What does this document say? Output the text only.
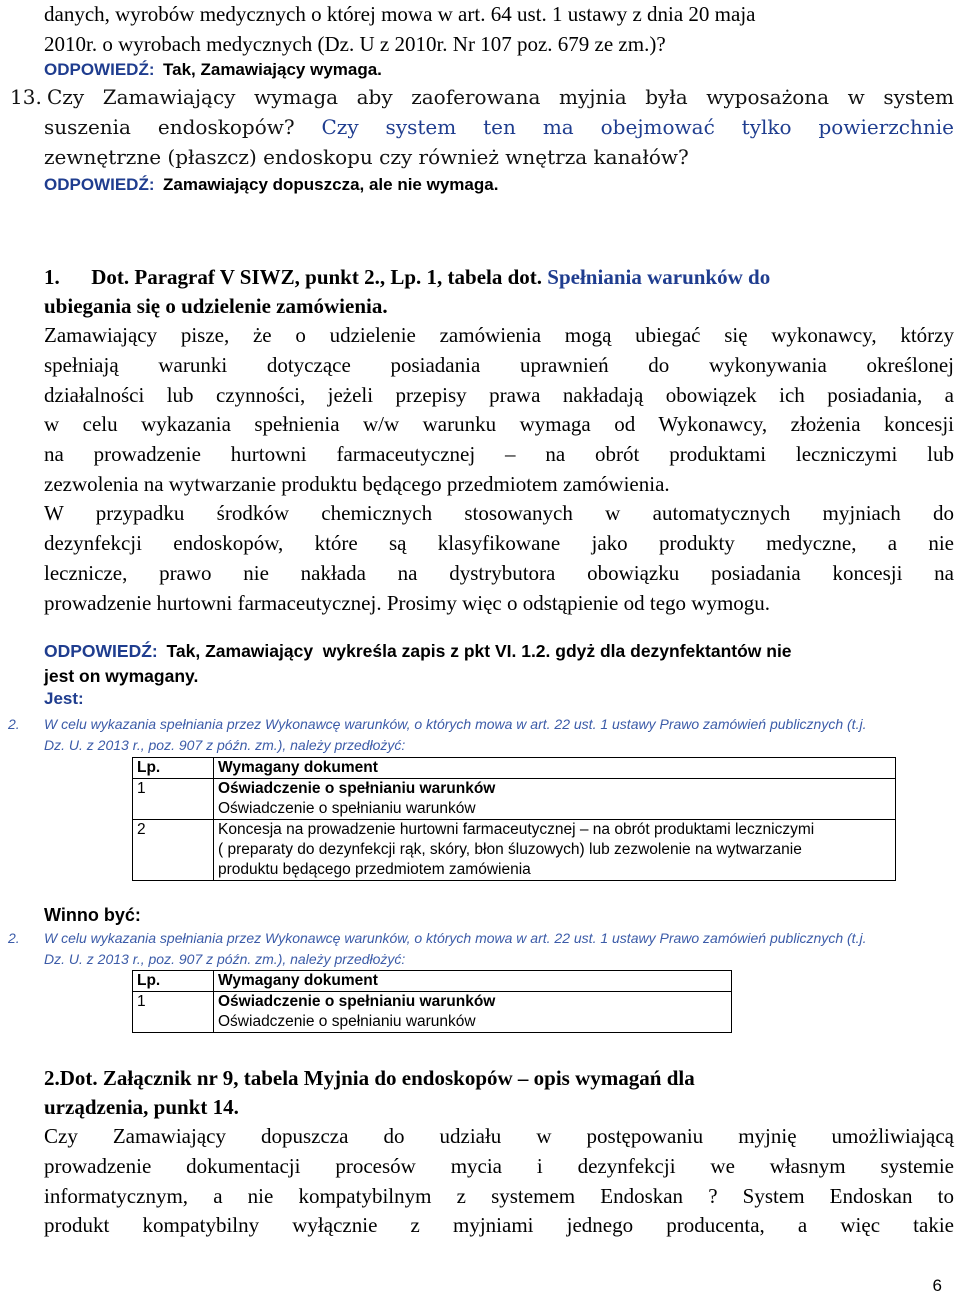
danych, wyrobów medycznych o której mowa w art. 64 ust. 1 ustawy z dnia 20 maja
2010r. o wyrobach medycznych (Dz. U z 2010r. Nr 107 poz. 679 ze zm.)?
ODPOWIEDŹ: Tak, Zamawiający wymaga.
13. Czy Zamawiający wymaga aby zaoferowana myjnia była wyposażona w system
suszenia endoskopów? Czy system ten ma obejmować tylko powierzchnie
zewnętrzne (płaszcz) endoskopu czy również wnętrza kanałów?
ODPOWIEDŹ: Zamawiający dopuszcza, ale nie wymaga.
1.      Dot. Paragraf V SIWZ, punkt 2., Lp. 1, tabela dot. Spełniania warunków do
ubiegania się o udzielenie zamówienia.
Zamawiający pisze, że o udzielenie zamówienia mogą ubiegać się wykonawcy, którzy
spełniają warunki dotyczące posiadania uprawnień do wykonywania określonej
działalności lub czynności, jeżeli przepisy prawa nakładają obowiązek ich posiadania, a
w celu wykazania spełnienia w/w warunku wymaga od Wykonawcy, złożenia koncesji
na prowadzenie hurtowni farmaceutycznej – na obrót produktami leczniczymi lub
zezwolenia na wytwarzanie produktu będącego przedmiotem zamówienia.
W przypadku środków chemicznych stosowanych w automatycznych myjniach do
dezynfekcji endoskopów, które są klasyfikowane jako produkty medyczne, a nie
lecznicze, prawo nie nakłada na dystrybutora obowiązku posiadania koncesji na
prowadzenie hurtowni farmaceutycznej. Prosimy więc o odstąpienie od tego wymogu.
ODPOWIEDŹ: Tak, Zamawiający  wykreśla zapis z pkt VI. 1.2. gdyż dla dezynfektantów nie
jest on wymagany.
Jest:
2. W celu wykazania spełniania przez Wykonawcę warunków, o których mowa w art. 22 ust. 1 ustawy Prawo zamówień publicznych (t.j.
Dz. U. z 2013 r., poz. 907 z późn. zm.), należy przedłożyć:
Lp.	Wymagany dokument
1	Oświadczenie o spełnianiu warunków
Oświadczenie o spełnianiu warunków

2	Koncesja na prowadzenie hurtowni farmaceutycznej – na obrót produktami leczniczymi
( preparaty do dezynfekcji rąk, skóry, błon śluzowych) lub zezwolenie na wytwarzanie
produktu będącego przedmiotem zamówienia
Winno być:
2. W celu wykazania spełniania przez Wykonawcę warunków, o których mowa w art. 22 ust. 1 ustawy Prawo zamówień publicznych (t.j.
Dz. U. z 2013 r., poz. 907 z późn. zm.), należy przedłożyć:
Lp.	Wymagany dokument
1	Oświadczenie o spełnianiu warunków
Oświadczenie o spełnianiu warunków
2.Dot. Załącznik nr 9, tabela Myjnia do endoskopów – opis wymagań dla
urządzenia, punkt 14.
Czy Zamawiający dopuszcza do udziału w postępowaniu myjnię umożliwiającą
prowadzenie dokumentacji procesów mycia i dezynfekcji we własnym systemie
informatycznym, a nie kompatybilnym z systemem Endoskan ? System Endoskan to
produkt kompatybilny wyłącznie z myjniami jednego producenta, a więc takie
6
